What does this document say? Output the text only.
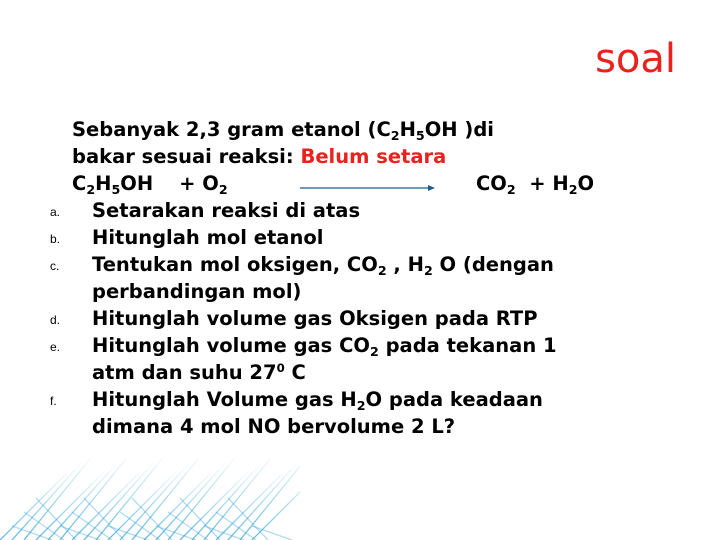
soal
Sebanyak 2,3 gram etanol ($C_2H_5OH$ )di
bakar sesuai reaksi: Belum setara
$C_2H_5OH + O_2$	$CO_2 + H_2O$
a. Setarakan reaksi di atas
b. Hitunglah mol etanol
c. Tentukan mol oksigen, $CO_2$ , $H_2$ O (dengan
perbandingan mol)
d. Hitunglah volume gas Oksigen pada RTP
e. Hitunglah volume gas $CO_2$ pada tekanan 1
atm dan suhu $27^0$ C
f. Hitunglah Volume gas $H_2O$ pada keadaan
dimana 4 mol NO bervolume 2 L?
